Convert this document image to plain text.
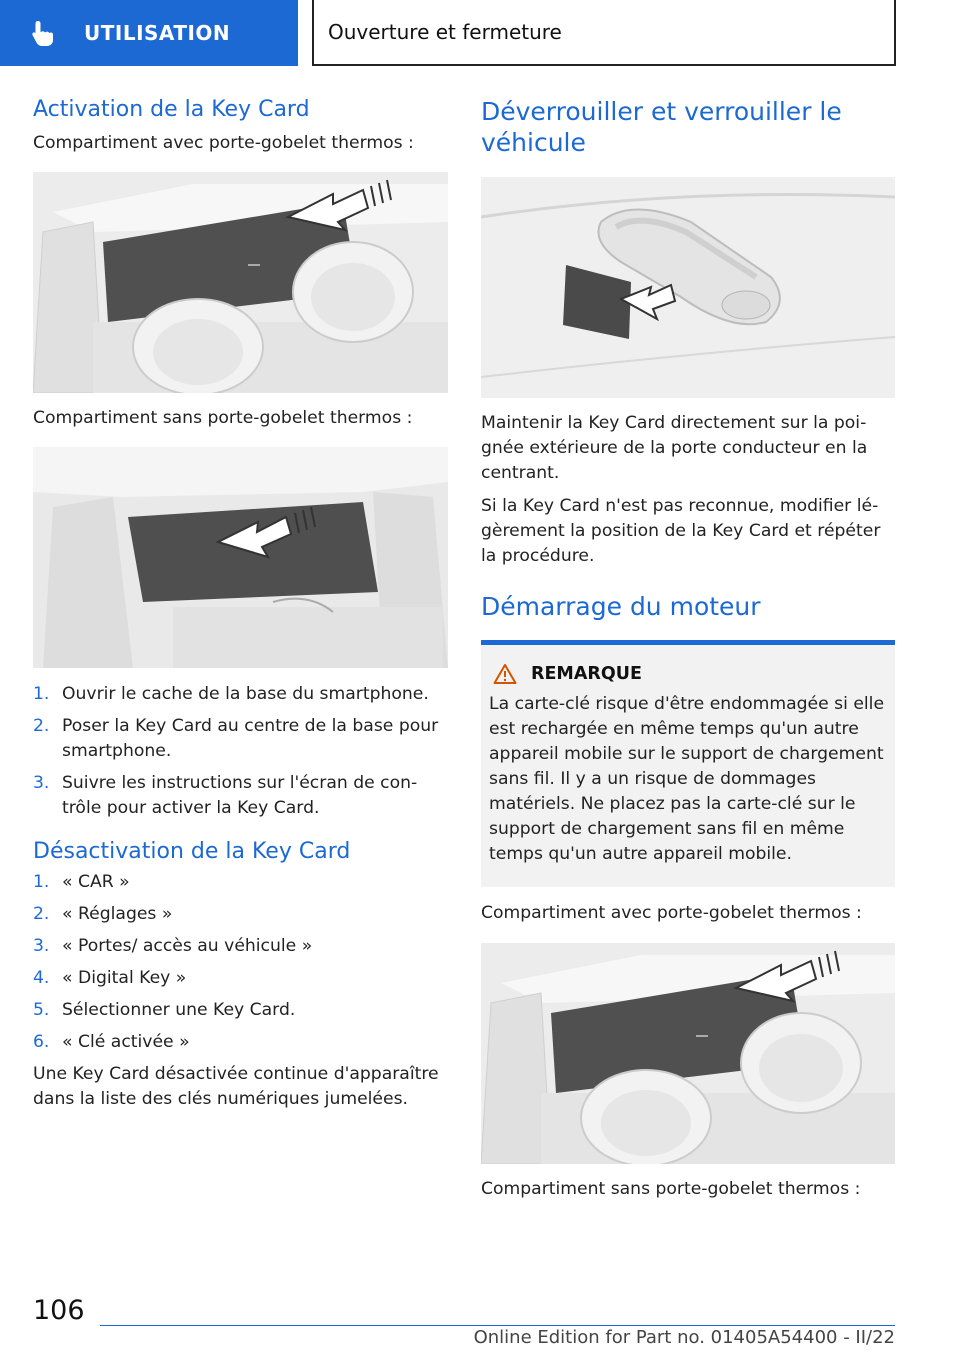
UTILISATION	Ouverture et fermeture
Activation de la Key Card

Compartiment avec porte-gobelet thermos :

Compartiment sans porte-gobelet thermos :

1. Ouvrir le cache de la base du smartphone.
2. Poser la Key Card au centre de la base pour smartphone.
3. Suivre les instructions sur l'écran de contrôle pour activer la Key Card.
Désactivation de la Key Card
1. « CAR »
2. « Réglages »
3. « Portes/ accès au véhicule »
4. « Digital Key »
5. Sélectionner une Key Card.
6. « Clé activée »

Une Key Card désactivée continue d'apparaître dans la liste des clés numériques jumelées.

Déverrouiller et verrouiller le véhicule

Maintenir la Key Card directement sur la poignée extérieure de la porte conducteur en la centrant.

Si la Key Card n'est pas reconnue, modifier légèrement la position de la Key Card et répéter la procédure.

Démarrage du moteur
REMARQUE

La carte-clé risque d'être endommagée si elle est rechargée en même temps qu'un autre appareil mobile sur le support de chargement sans fil. Il y a un risque de dommages matériels. Ne placez pas la carte-clé sur le support de chargement sans fil en même temps qu'un autre appareil mobile.

Compartiment avec porte-gobelet thermos :

Compartiment sans porte-gobelet thermos :

106
Online Edition for Part no. 01405A54400 - II/22
